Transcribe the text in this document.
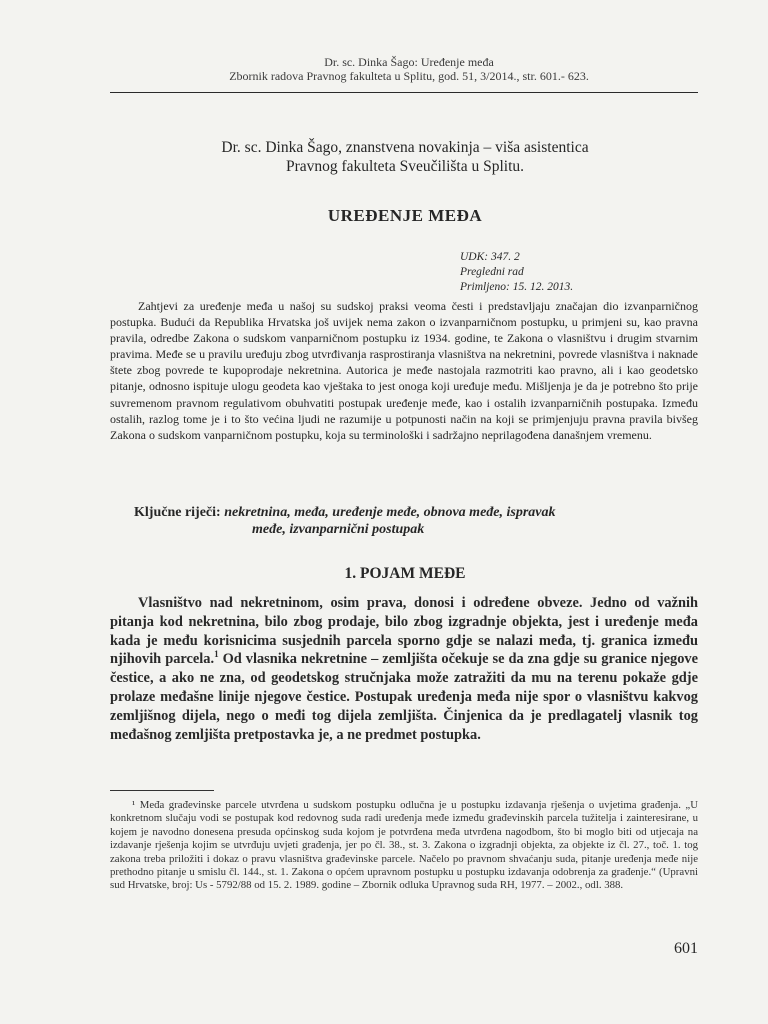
Dr. sc. Dinka Šago: Uređenje međa
Zbornik radova Pravnog fakulteta u Splitu, god. 51, 3/2014., str. 601.- 623.
Dr. sc. Dinka Šago, znanstvena novakinja – viša asistentica
Pravnog fakulteta Sveučilišta u Splitu.
UREĐENJE MEĐA
UDK: 347. 2
Pregledni rad
Primljeno: 15. 12. 2013.

Zahtjevi za uređenje međa u našoj su sudskoj praksi veoma česti i predstavljaju značajan dio izvanparničnog postupka. Budući da Republika Hrvatska još uvijek nema zakon o izvanparničnom postupku, u primjeni su, kao pravna pravila, odredbe Zakona o sudskom vanparničnom postupku iz 1934. godine, te Zakona o vlasništvu i drugim stvarnim pravima. Međe se u pravilu uređuju zbog utvrđivanja rasprostiranja vlasništva na nekretnini, povrede vlasništva i naknade štete zbog povrede te kupoprodaje nekretnina. Autorica je međe nastojala razmotriti kao pravno, ali i kao geodetsko pitanje, odnosno ispituje ulogu geodeta kao vještaka to jest onoga koji uređuje među. Mišljenja je da je potrebno što prije suvremenom pravnom regulativom obuhvatiti postupak uređenje međe, kao i ostalih izvanparničnih postupaka. Između ostalih, razlog tome je i to što većina ljudi ne razumije u potpunosti način na koji se primjenjuju pravna pravila bivšeg Zakona o sudskom vanparničnom postupku, koja su terminološki i sadržajno neprilagođena današnjem vremenu.

Ključne riječi: nekretnina, međa, uređenje međe, obnova međe, ispravak
međe, izvanparnični postupak
1. POJAM MEĐE

Vlasništvo nad nekretninom, osim prava, donosi i određene obveze. Jedno od važnih pitanja kod nekretnina, bilo zbog prodaje, bilo zbog izgradnje objekta, jest i uređenje međa kada je među korisnicima susjednih parcela sporno gdje se nalazi međa, tj. granica između njihovih parcela.$^1$ Od vlasnika nekretnine – zemljišta očekuje se da zna gdje su granice njegove čestice, a ako ne zna, od geodetskog stručnjaka može zatražiti da mu na terenu pokaže gdje prolaze međašne linije njegove čestice. Postupak uređenja međa nije spor o vlasništvu kakvog zemljišnog dijela, nego o međi tog dijela zemljišta. Činjenica da je predlagatelj vlasnik tog međašnog zemljišta pretpostavka je, a ne predmet postupka.

¹ Međa građevinske parcele utvrđena u sudskom postupku odlučna je u postupku izdavanja rješenja o uvjetima građenja. „U konkretnom slučaju vodi se postupak kod redovnog suda radi uređenja međe između građevinskih parcela tužitelja i zainteresirane, u kojem je navodno donesena presuda općinskog suda kojom je potvrđena međa utvrđena nagodbom, što bi moglo biti od utjecaja na izdavanje rješenja kojim se utvrđuju uvjeti građenja, jer po čl. 38., st. 3. Zakona o izgradnji objekta, za objekte iz čl. 27., toč. 1. tog zakona treba priložiti i dokaz o pravu vlasništva građevinske parcele. Načelo po pravnom shvaćanju suda, pitanje uređenja međe nije prethodno pitanje u smislu čl. 144., st. 1. Zakona o općem upravnom postupku u postupku izdavanja odobrenja za građenje.“ (Upravni sud Hrvatske, broj: Us - 5792/88 od 15. 2. 1989. godine – Zbornik odluka Upravnog suda RH, 1977. – 2002., odl. 388.

601
